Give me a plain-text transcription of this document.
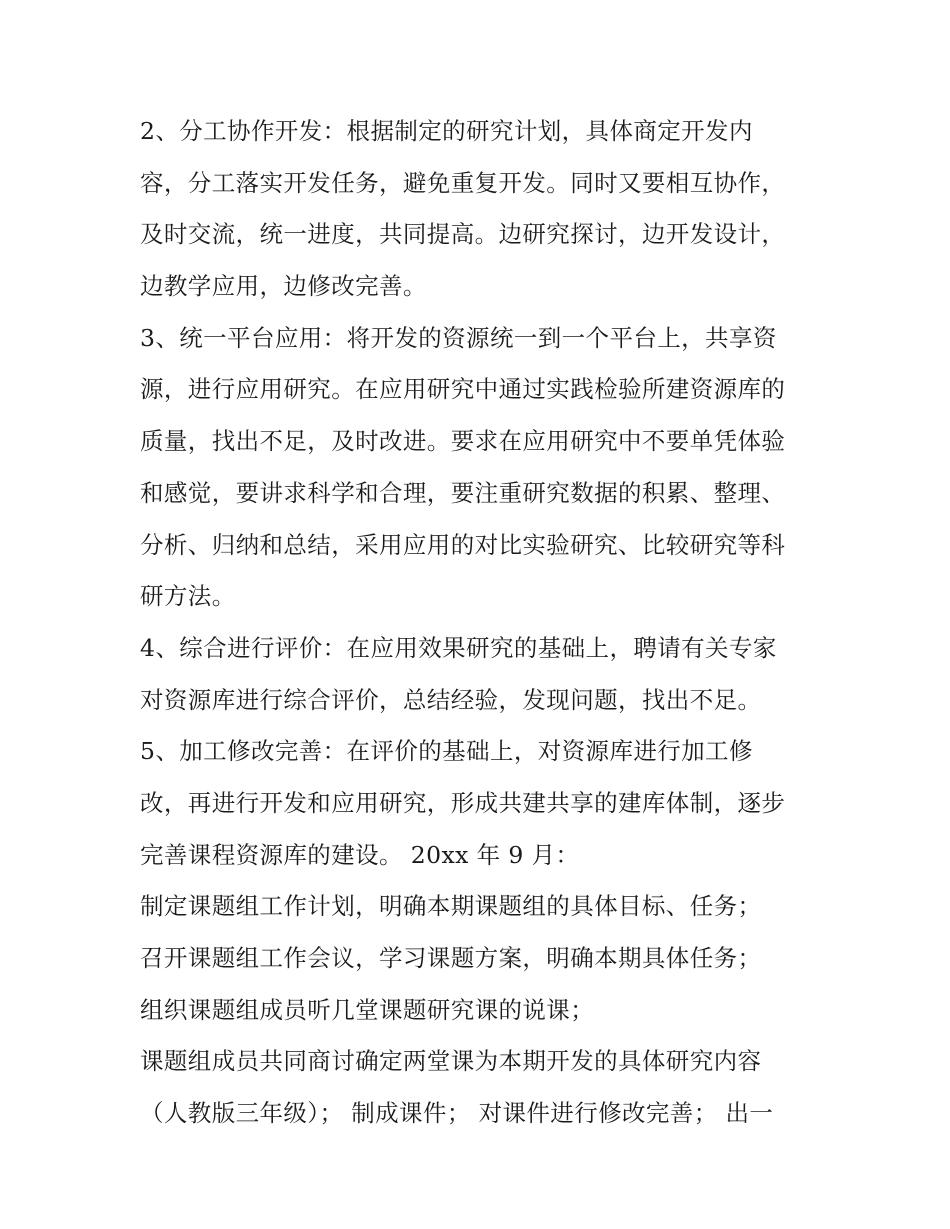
2、分工协作开发：根据制定的研究计划，具体商定开发内
容，分工落实开发任务，避免重复开发。同时又要相互协作，
及时交流，统一进度，共同提高。边研究探讨，边开发设计，
边教学应用，边修改完善。
3、统一平台应用：将开发的资源统一到一个平台上，共享资
源，进行应用研究。在应用研究中通过实践检验所建资源库的
质量，找出不足，及时改进。要求在应用研究中不要单凭体验
和感觉，要讲求科学和合理，要注重研究数据的积累、整理、
分析、归纳和总结，采用应用的对比实验研究、比较研究等科
研方法。
4、综合进行评价：在应用效果研究的基础上，聘请有关专家
对资源库进行综合评价，总结经验，发现问题，找出不足。
5、加工修改完善：在评价的基础上，对资源库进行加工修
改，再进行开发和应用研究，形成共建共享的建库体制，逐步
完善课程资源库的建设。 20xx 年 9 月：
制定课题组工作计划，明确本期课题组的具体目标、任务；
召开课题组工作会议，学习课题方案，明确本期具体任务；
组织课题组成员听几堂课题研究课的说课；
课题组成员共同商讨确定两堂课为本期开发的具体研究内容
（人教版三年级）； 制成课件； 对课件进行修改完善； 出一
